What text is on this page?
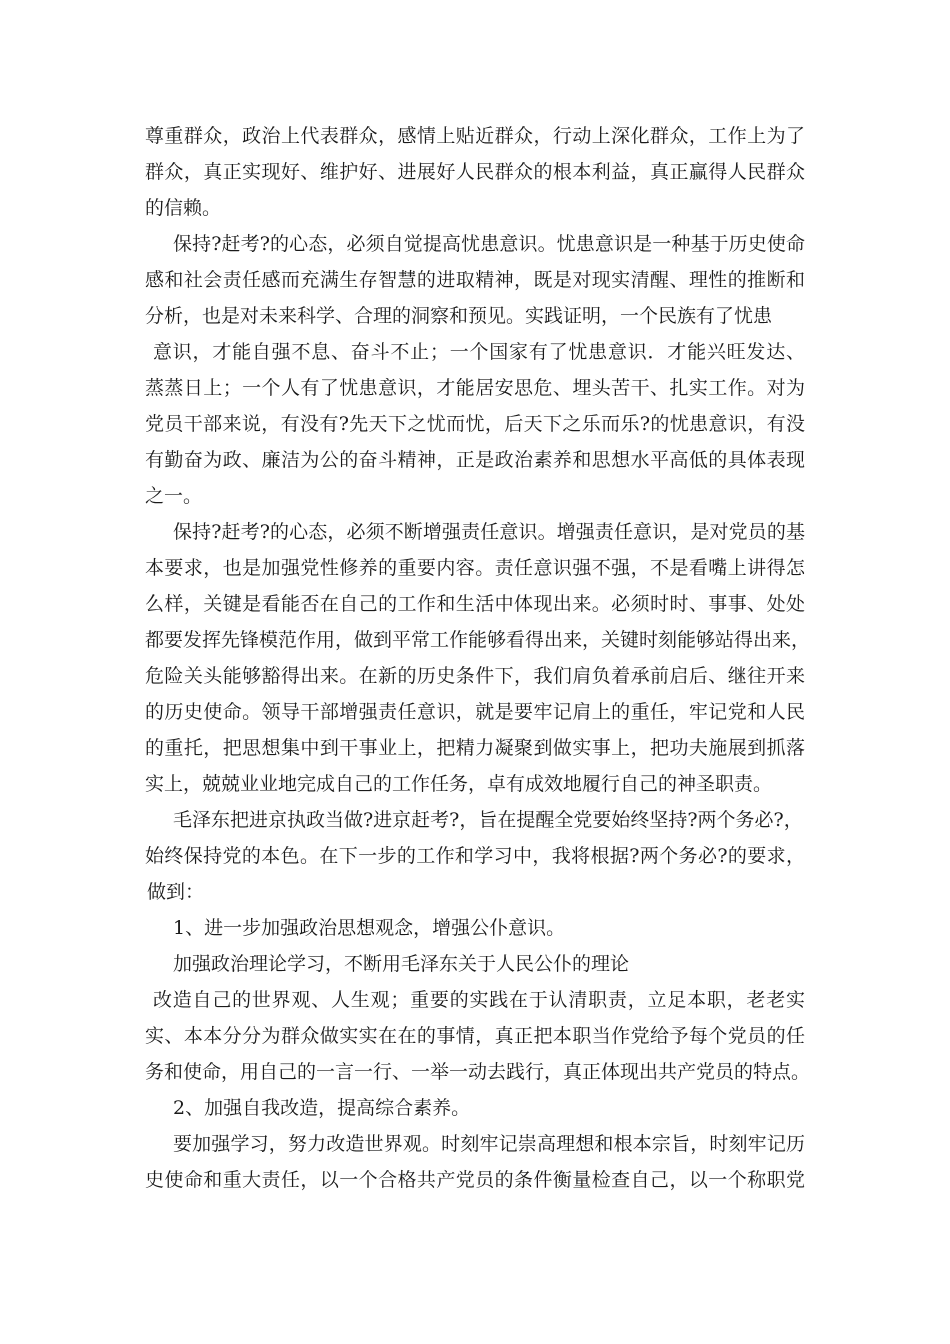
尊重群众，政治上代表群众，感情上贴近群众，行动上深化群众，工作上为了
群众，真正实现好、维护好、进展好人民群众的根本利益，真正赢得人民群众
的信赖。
保持?赶考?的心态，必须自觉提高忧患意识。忧患意识是一种基于历史使命
感和社会责任感而充满生存智慧的进取精神，既是对现实清醒、理性的推断和
分析，也是对未来科学、合理的洞察和预见。实践证明，一个民族有了忧患
意识，才能自强不息、奋斗不止；一个国家有了忧患意识．才能兴旺发达、
蒸蒸日上；一个人有了忧患意识，才能居安思危、埋头苦干、扎实工作。对为
党员干部来说，有没有?先天下之忧而忧，后天下之乐而乐?的忧患意识，有没
有勤奋为政、廉洁为公的奋斗精神，正是政治素养和思想水平高低的具体表现
之一。
保持?赶考?的心态，必须不断增强责任意识。增强责任意识，是对党员的基
本要求，也是加强党性修养的重要内容。责任意识强不强，不是看嘴上讲得怎
么样，关键是看能否在自己的工作和生活中体现出来。必须时时、事事、处处
都要发挥先锋模范作用，做到平常工作能够看得出来，关键时刻能够站得出来，
危险关头能够豁得出来。在新的历史条件下，我们肩负着承前启后、继往开来
的历史使命。领导干部增强责任意识，就是要牢记肩上的重任，牢记党和人民
的重托，把思想集中到干事业上，把精力凝聚到做实事上，把功夫施展到抓落
实上，兢兢业业地完成自己的工作任务，卓有成效地履行自己的神圣职责。
毛泽东把进京执政当做?进京赶考?，旨在提醒全党要始终坚持?两个务必?，
始终保持党的本色。在下一步的工作和学习中，我将根据?两个务必?的要求，
做到：
1、进一步加强政治思想观念，增强公仆意识。
加强政治理论学习，不断用毛泽东关于人民公仆的理论
改造自己的世界观、人生观；重要的实践在于认清职责，立足本职，老老实
实、本本分分为群众做实实在在的事情，真正把本职当作党给予每个党员的任
务和使命，用自己的一言一行、一举一动去践行，真正体现出共产党员的特点。
2、加强自我改造，提高综合素养。
要加强学习，努力改造世界观。时刻牢记崇高理想和根本宗旨，时刻牢记历
史使命和重大责任，以一个合格共产党员的条件衡量检查自己，以一个称职党
